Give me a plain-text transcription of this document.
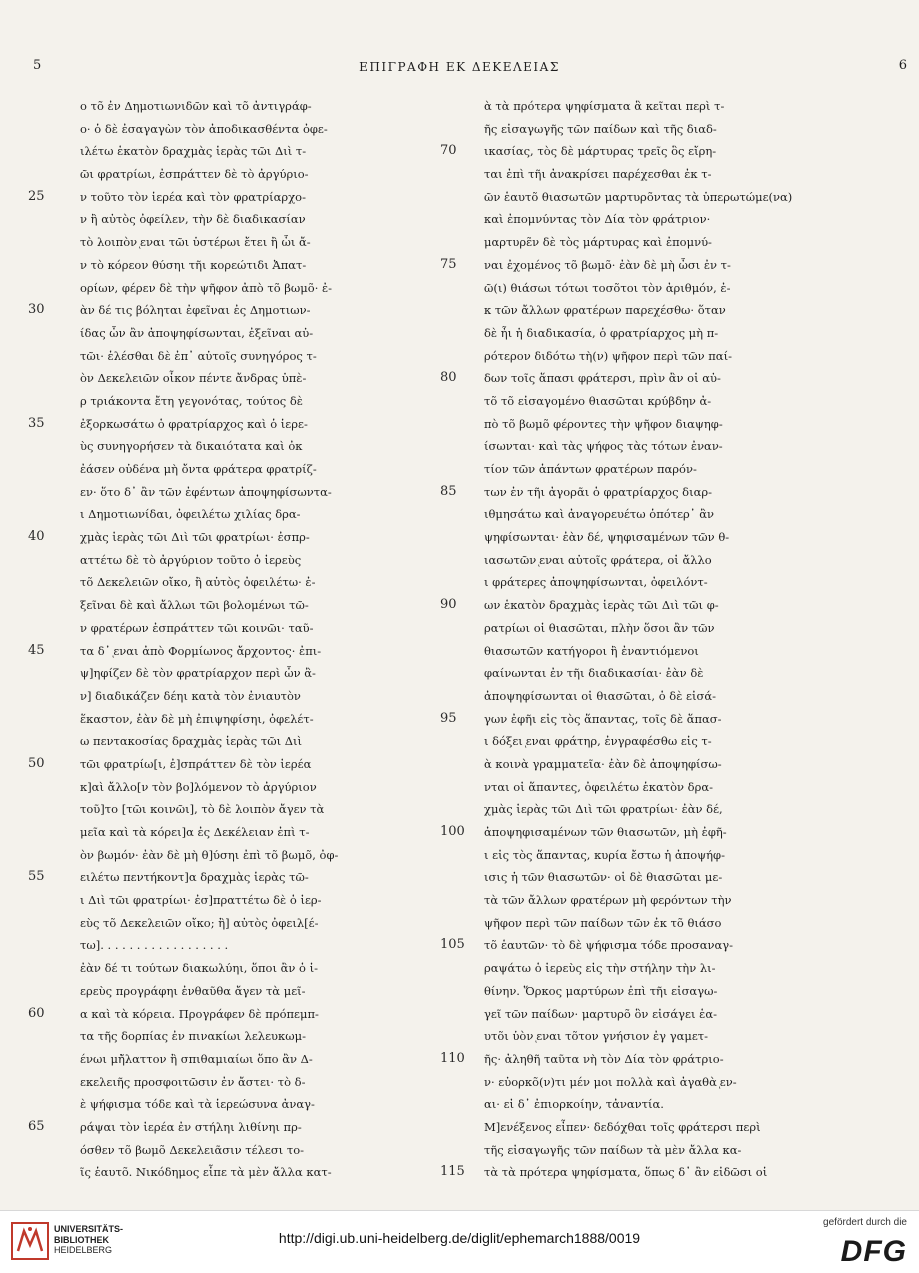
5	ΕΠΙΓΡΑΦΗ ΕΚ ΔΕΚΕΛΕΙΑΣ	6
ο τõ ἐν Δημοτιωνιδῶν καὶ τõ ἀντιγράφ-
ο· ὁ δὲ ἐσαγαγὼν τὸν ἀποδικασθέντα ὀφε-
ιλέτω ἑκατὸν δραχμὰς ἱερὰς τῶι Διὶ τ-
ῶι φρατρίωι, ἐσπράττεν δὲ τὸ ἀργύριο-
25	ν τοῦτο τὸν ἱερέα καὶ τὸν φρατρίαρχο-
ν ἢ αὐτὸς ὀφείλεν, τὴν δὲ διαδικασίαν
τὸ λοιπὸν ͅεναι τῶι ὑστέρωι ἔτει ἢ ὧι ἄ-
ν τὸ κόρεον θύσηι τῆι κορεώτιδι Ἀπατ-
ορίων, φέρεν δὲ τὴν ψῆφον ἀπὸ τõ βωμõ· ἐ-
30	ὰν δέ τις βόληται ἐφεῖναι ἐς Δημοτιων-
ίδας ὧν ἂν ἀποψηφίσωνται, ἐξεῖναι αὐ-
τῶι· ἑλέσθαι δὲ ἐπ᾿ αὐτοῖς συνηγόρος τ-
ὸν Δεκελειῶν οἶκον πέντε ἄνδρας ὑπὲ-
ρ τριάκοντα ἔτη γεγονότας, τούτος δὲ
35	ἐξορκωσάτω ὁ φρατρίαρχος καὶ ὁ ἱερε-
ὺς συνηγορήσεν τὰ δικαιότατα καὶ ὀκ
ἐάσεν οὐδένα μὴ ὄντα φράτερα φρατρίζ-
εν· ὅτο δ᾿ ἂν τῶν ἐφέντων ἀποψηφίσωντα-
ι Δημοτιωνίδαι, ὀφειλέτω χιλίας δρα-
40	χμὰς ἱερὰς τῶι Διὶ τῶι φρατρίωι· ἐσπρ-
αττέτω δὲ τὸ ἀργύριον τοῦτο ὁ ἱερεὺς
τõ Δεκελειῶν οἴκο, ἢ αὐτὸς ὀφειλέτω· ἐ-
ξεῖναι δὲ καὶ ἄλλωι τῶι βολομένωι τῶ-
ν φρατέρων ἐσπράττεν τῶι κοινῶι· ταῦ-
45	τα δ᾿ ͅεναι ἀπὸ Φορμίωνος ἄρχοντος· ἐπι-
ψ]ηφίζεν δὲ τὸν φρατρίαρχον περὶ ὧν ἂ-
ν] διαδικάζεν δέηι κατὰ τὸν ἐνιαυτὸν
ἕκαστον, ἐὰν δὲ μὴ ἐπιψηφίσηι, ὀφελέτ-
ω πεντακοσίας δραχμὰς ἱερὰς τῶι Διὶ
50	τῶι φρατρίω[ι, ἐ]σπράττεν δὲ τὸν ἱερέα
κ]αὶ ἄλλο[ν τὸν βο]λόμενον τὸ ἀργύριον
τοῦ]το [τῶι κοινῶι], τὸ δὲ λοιπὸν ἄγεν τὰ
μεῖα καὶ τὰ κόρει]α ἐς Δεκέλειαν ἐπὶ τ-
ὸν βωμόν· ἐὰν δὲ μὴ θ]ύσηι ἐπὶ τõ βωμõ, ὀφ-
55	ειλέτω πεντήκοντ]α δραχμὰς ἱερὰς τῶ-
ι Διὶ τῶι φρατρίωι· ἐσ]πραττέτω δὲ ὁ ἱερ-
εὺς τõ Δεκελειῶν οἴκο; ἢ] αὐτὸς ὀφειλ[έ-
τω]. . . . . . . . . . . . . . . . . .
ἐὰν δέ τι τούτων διακωλύηι, ὅποι ἂν ὁ ἱ-
ερεὺς προγράφηι ἐνθαῦθα ἄγεν τὰ μεῖ-
60	α καὶ τὰ κόρεια. Προγράφεν δὲ πρόπεμπ-
τα τῆς δορπίας ἐν πινακίωι λελευκωμ-
ένωι μὴ̃λαττον ἢ σπιθαμιαίωι ὅπο ἂν Δ-
εκελειῆς προσφοιτῶσιν ἐν ἄστει· τὸ δ-
ὲ ψήφισμα τόδε καὶ τὰ ἱερεώσυνα ἀναγ-
65	ράψαι τὸν ἱερέα ἐν στήληι λιθίνηι πρ-
όσθεν τõ βωμõ Δεκελειᾶσιν τέλεσι το-
ῖς ἑαυτõ. Νικόδημος εἶπε τὰ μὲν ἄλλα κατ-
ὰ τὰ πρότερα ψηφίσματα ἃ κεῖται περὶ τ-
ῆς εἰσαγωγῆς τῶν παίδων καὶ τῆς διαδ-
70	ικασίας, τὸς δὲ μάρτυρας τρεῖς ὃς εἴρη-
ται ἐπὶ τῆι ἀνακρίσει παρέχεσθαι ἐκ τ-
ῶν ἑαυτõ θιασωτῶν μαρτυρõντας τὰ ὑπερωτώμε(να)
καὶ ἐπομνύντας τὸν Δία τὸν φράτριον·
μαρτυρε̃ν δὲ τὸς μάρτυρας καὶ ἐπομνύ-
75	ναι ἐχομένος τõ βωμõ· ἐὰν δὲ μὴ ὦσι ἐν τ-
ῶ(ι) θιάσωι τότωι τοσõτοι τὸν ἀριθμόν, ἐ-
κ τῶν ἄλλων φρατέρων παρεχέσθω· ὅταν
δὲ ἦι ἡ διαδικασία, ὁ φρατρίαρχος μὴ π-
ρότερον διδότω τὴ(ν) ψῆφον περὶ τῶν παί-
80	δων τοῖς ἅπασι φράτερσι, πρὶν ἂν οἱ αὐ-
τõ τõ εἰσαγομένο θιασῶται κρύβδην ἀ-
πὸ τõ βωμõ φέροντες τὴν ψῆφον διαψηφ-
ίσωνται· καὶ τὰς ψήφος τὰς τότων ἐναν-
τίον τῶν ἁπάντων φρατέρων παρόν-
85	των ἐν τῆι ἀγορᾶι ὁ φρατρίαρχος διαρ-
ιθμησάτω καὶ ἀναγορευέτω ὁπότερ᾿ ἂν
ψηφίσωνται· ἐὰν δέ, ψηφισαμένων τῶν θ-
ιασωτῶν ͅεναι αὐτοῖς φράτερα, οἱ ἄλλο
ι φράτερες ἀποψηφίσωνται, ὀφειλόντ-
90	ων ἑκατὸν δραχμὰς ἱερὰς τῶι Διὶ τῶι φ-
ρατρίωι οἱ θιασῶται, πλὴν ὅσοι ἂν τῶν
θιασωτῶν κατήγοροι ἢ ἐναντιόμενοι
φαίνωνται ἐν τῆι διαδικασίαι· ἐὰν δὲ
ἀποψηφίσωνται οἱ θιασῶται, ὁ δὲ εἰσά-
95	γων ἐφῆι εἰς τὸς ἅπαντας, τοῖς δὲ ἅπασ-
ι δόξει ͅεναι φράτηρ, ἐνγραφέσθω εἰς τ-
ὰ κοινὰ γραμματεῖα· ἐὰν δὲ ἀποψηφίσω-
νται οἱ ἅπαντες, ὀφειλέτω ἑκατὸν δρα-
χμὰς ἱερὰς τῶι Διὶ τῶι φρατρίωι· ἐὰν δέ,
100	ἀποψηφισαμένων τῶν θιασωτῶν, μὴ ἐφῆ-
ι εἰς τὸς ἅπαντας, κυρία ἔστω ἡ ἀποψήφ-
ισις ἡ τῶν θιασωτῶν· οἱ δὲ θιασῶται με-
τὰ τῶν ἄλλων φρατέρων μὴ φερόντων τὴν
ψῆφον περὶ τῶν παίδων τῶν ἐκ τõ θιάσο
105	τõ ἑαυτῶν· τὸ δὲ ψήφισμα τόδε προσαναγ-
ραψάτω ὁ ἱερεὺς εἰς τὴν στήλην τὴν λι-
θίνην. Ὅρκος μαρτύρων ἐπὶ τῆι εἰσαγω-
γεῖ τῶν παίδων· μαρτυρõ ὃν εἰσάγει ἑα-
υτõι ὑὸν ͅεναι τõτον γνήσιον ἐγ γαμετ-
110	ῆς· ἀληθῆ ταῦτα νὴ τὸν Δία τὸν φράτριο-
ν· εὐορκõ(ν)τι μέν μοι πολλὰ καὶ ἀγαθὰ ͅεν-
αι· εἰ δ᾿ ἐπιορκοίην, τἀναντία.
Μ]ενέξενος εἶπεν· δεδόχθαι τοῖς φράτερσι περὶ
τῆς εἰσαγωγῆς τῶν παίδων τὰ μὲν ἄλλα κα-
115	τὰ τὰ πρότερα ψηφίσματα, ὅπως δ᾿ ἂν εἰδῶσι οἱ
UNIVERSITÄTS-
BIBLIOTHEK
HEIDELBERG
http://digi.ub.uni-heidelberg.de/diglit/ephemarch1888/0019
gefördert durch die
DFG
